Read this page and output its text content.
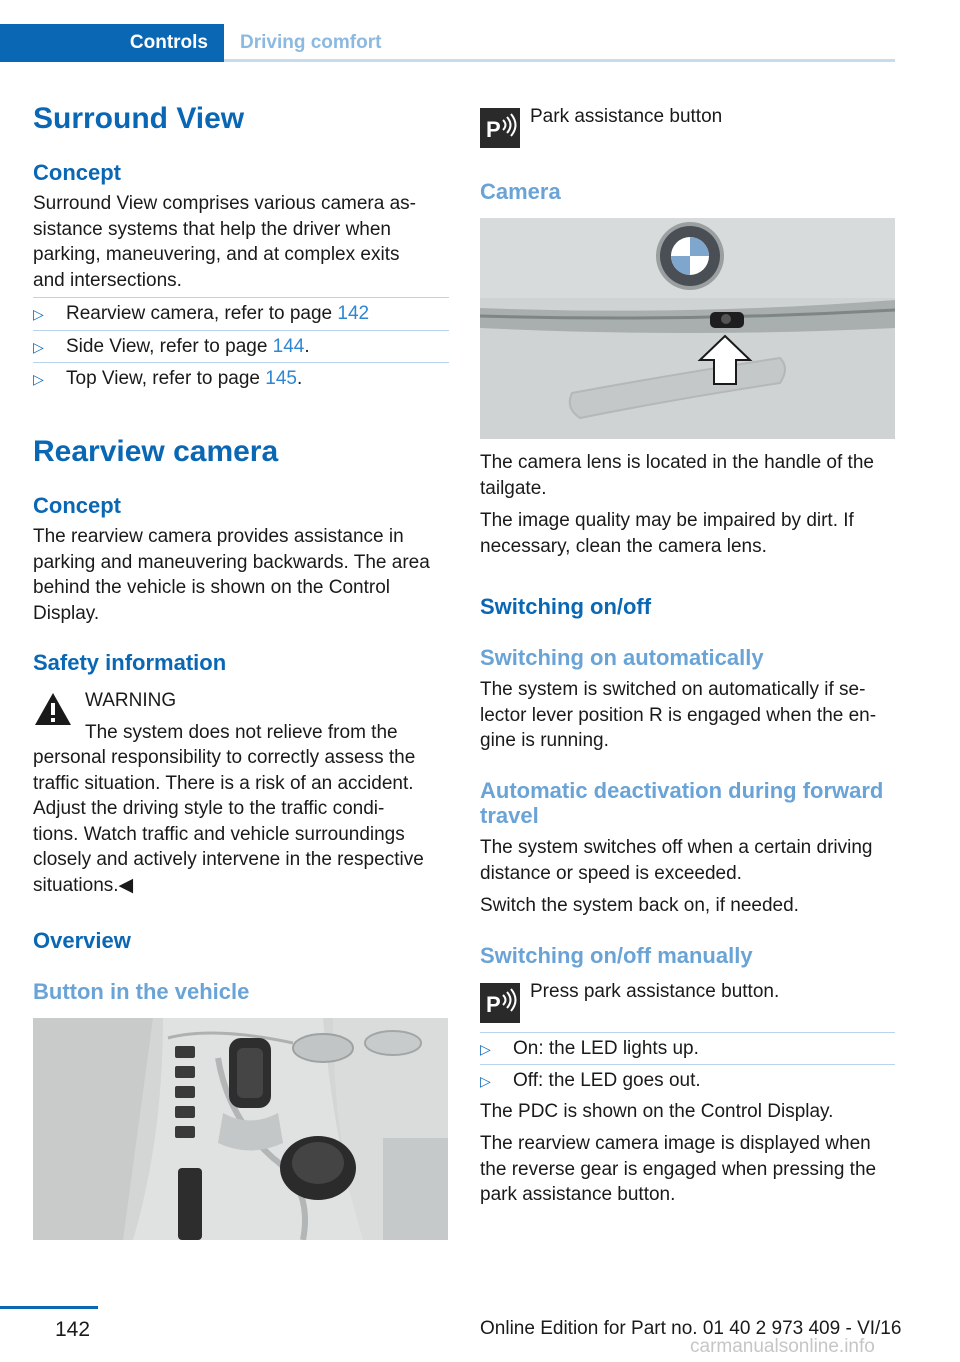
Controls	Driving comfort
Surround View
Concept
Surround View comprises various camera as‐
sistance systems that help the driver when
parking, maneuvering, and at complex exits
and intersections.
▷ Rearview camera, refer to page 142
▷ Side View, refer to page 144.
▷ Top View, refer to page 145.
Rearview camera
Concept
The rearview camera provides assistance in
parking and maneuvering backwards. The area
behind the vehicle is shown on the Control
Display.
Safety information
WARNING
The system does not relieve from the
personal responsibility to correctly assess the
traffic situation. There is a risk of an accident.
Adjust the driving style to the traffic condi‐
tions. Watch traffic and vehicle surroundings
closely and actively intervene in the respective
situations.◀
Overview
Button in the vehicle
P
Park assistance button
Camera
The camera lens is located in the handle of the
tailgate.
The image quality may be impaired by dirt. If
necessary, clean the camera lens.
Switching on/off
Switching on automatically
The system is switched on automatically if se‐
lector lever position R is engaged when the en‐
gine is running.
Automatic deactivation during forward
travel
The system switches off when a certain driving
distance or speed is exceeded.
Switch the system back on, if needed.
Switching on/off manually
P
Press park assistance button.
▷ On: the LED lights up.
▷ Off: the LED goes out.
The PDC is shown on the Control Display.
The rearview camera image is displayed when
the reverse gear is engaged when pressing the
park assistance button.
142	Online Edition for Part no. 01 40 2 973 409 - VI/16
carmanualsonline.info
